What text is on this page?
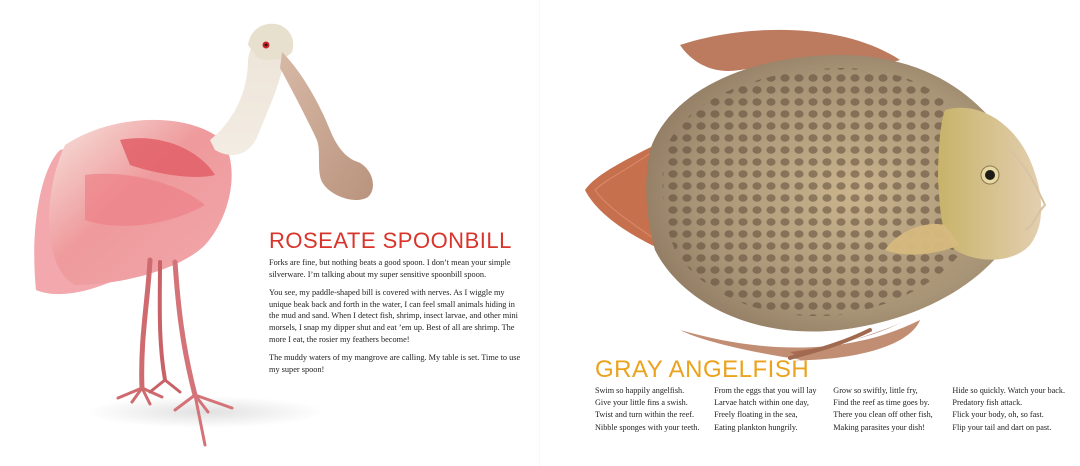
ROSEATE SPOONBILL

Forks are fine, but nothing beats a good spoon. I don’t mean your simple silverware. I’m talking about my super sensitive spoonbill spoon.

You see, my paddle-shaped bill is covered with nerves. As I wiggle my unique beak back and forth in the water, I can feel small animals hiding in the mud and sand. When I detect fish, shrimp, insect larvae, and other mini morsels, I snap my dipper shut and eat ’em up. Best of all are shrimp. The more I eat, the rosier my feathers become!

The muddy waters of my mangrove are calling. My table is set. Time to use my super spoon!	GRAY ANGELFISH
Swim so happily angelfish.
Give your little fins a swish.
Twist and turn within the reef.
Nibble sponges with your teeth.
From the eggs that you will lay
Larvae hatch within one day,
Freely floating in the sea,
Eating plankton hungrily.
Grow so swiftly, little fry,
Find the reef as time goes by.
There you clean off other fish,
Making parasites your dish!
Hide so quickly. Watch your back.
Predatory fish attack.
Flick your body, oh, so fast.
Flip your tail and dart on past.
